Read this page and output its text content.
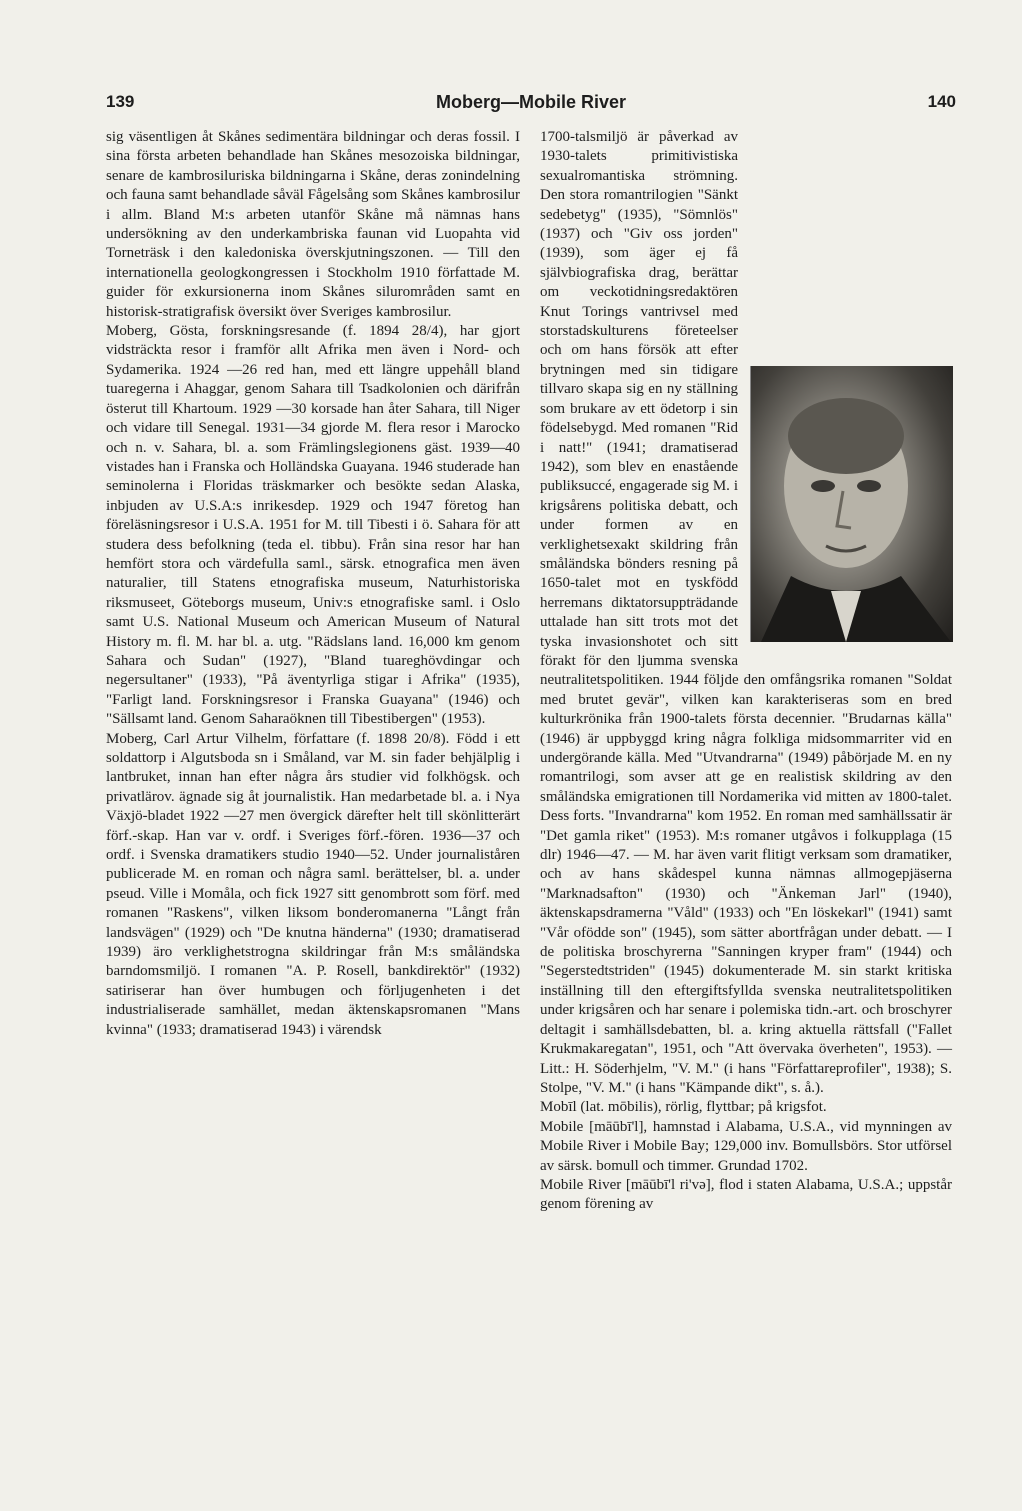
139	Moberg—Mobile River	140

sig väsentligen åt Skånes sedimentära bildningar och deras fossil. I sina första arbeten behandlade han Skånes mesozoiska bildningar, senare de kambrosiluriska bildningarna i Skåne, deras zonindelning och fauna samt behandlade såväl Fågelsång som Skånes kambrosilur i allm. Bland M:s arbeten utanför Skåne må nämnas hans undersökning av den underkambriska faunan vid Luopahta vid Torneträsk i den kaledoniska överskjutningszonen. — Till den internationella geologkongressen i Stockholm 1910 författade M. guider för exkursionerna inom Skånes silurområden samt en historisk-stratigrafisk översikt över Sveriges kambrosilur.

Moberg, Gösta, forskningsresande (f. 1894 28/4), har gjort vidsträckta resor i framför allt Afrika men även i Nord- och Sydamerika. 1924 —26 red han, med ett längre uppehåll bland tuaregerna i Ahaggar, genom Sahara till Tsadkolonien och därifrån österut till Khartoum. 1929 —30 korsade han åter Sahara, till Niger och vidare till Senegal. 1931—34 gjorde M. flera resor i Marocko och n. v. Sahara, bl. a. som Främlingslegionens gäst. 1939—40 vistades han i Franska och Holländska Guayana. 1946 studerade han seminolerna i Floridas träskmarker och besökte sedan Alaska, inbjuden av U.S.A:s inrikesdep. 1929 och 1947 företog han föreläsningsresor i U.S.A. 1951 for M. till Tibesti i ö. Sahara för att studera dess befolkning (teda el. tibbu). Från sina resor har han hemfört stora och värdefulla saml., särsk. etnografica men även naturalier, till Statens etnografiska museum, Naturhistoriska riksmuseet, Göteborgs museum, Univ:s etnografiske saml. i Oslo samt U.S. National Museum och American Museum of Natural History m. fl. M. har bl. a. utg. "Rädslans land. 16,000 km genom Sahara och Sudan" (1927), "Bland tuareghövdingar och negersultaner" (1933), "På äventyrliga stigar i Afrika" (1935), "Farligt land. Forskningsresor i Franska Guayana" (1946) och "Sällsamt land. Genom Saharaöknen till Tibestibergen" (1953).

Moberg, Carl Artur Vilhelm, författare (f. 1898 20/8). Född i ett soldattorp i Algutsboda sn i Småland, var M. sin fader behjälplig i lantbruket, innan han efter några års studier vid folkhögsk. och privatlärov. ägnade sig åt journalistik. Han medarbetade bl. a. i Nya Växjö-bladet 1922 —27 men övergick därefter helt till skönlitterärt förf.-skap. Han var v. ordf. i Sveriges förf.-fören. 1936—37 och ordf. i Svenska dramatikers studio 1940—52. Under journaliståren publicerade M. en roman och några saml. berättelser, bl. a. under pseud. Ville i Momåla, och fick 1927 sitt genombrott som förf. med romanen "Raskens", vilken liksom bonderomanerna "Långt från landsvägen" (1929) och "De knutna händerna" (1930; dramatiserad 1939) äro verklighetstrogna skildringar från M:s småländska barndomsmiljö. I romanen "A. P. Rosell, bankdirektör" (1932) satiriserar han över humbugen och förljugenheten i det industrialiserade samhället, medan äktenskapsromanen "Mans kvinna" (1933; dramatiserad 1943) i värendsk

1700-talsmiljö är påverkad av 1930-talets primitivistiska sexualromantiska strömning. Den stora romantrilogien "Sänkt sedebetyg" (1935), "Sömnlös" (1937) och "Giv oss jorden" (1939), som äger ej få självbiografiska drag, berättar om veckotidningsredaktören Knut Torings vantrivsel med storstadskulturens företeelser och om hans försök att efter brytningen med sin tidigare tillvaro skapa sig en ny ställning som brukare av ett ödetorp i sin födelsebygd. Med romanen "Rid i natt!" (1941; dramatiserad 1942), som blev en enastående publiksuccé, engagerade sig M. i krigsårens politiska debatt, och under formen av en verklighetsexakt skildring från småländska bönders resning på 1650-talet mot en tyskfödd herremans diktatorsuppträdande uttalade han sitt trots mot det tyska invasionshotet och sitt förakt för den ljumma svenska neutralitetspolitiken. 1944 följde den omfångsrika romanen "Soldat med brutet gevär", vilken kan karakteriseras som en bred kulturkrönika från 1900-talets första decennier. "Brudarnas källa" (1946) är uppbyggd kring några folkliga midsommarriter vid en undergörande källa. Med "Utvandrarna" (1949) påbörjade M. en ny romantrilogi, som avser att ge en realistisk skildring av den småländska emigrationen till Nordamerika vid mitten av 1800-talet. Dess forts. "Invandrarna" kom 1952. En roman med samhällssatir är "Det gamla riket" (1953). M:s romaner utgåvos i folkupplaga (15 dlr) 1946—47. — M. har även varit flitigt verksam som dramatiker, och av hans skådespel kunna nämnas allmogepjäserna "Marknadsafton" (1930) och "Änkeman Jarl" (1940), äktenskapsdramerna "Våld" (1933) och "En löskekarl" (1941) samt "Vår ofödde son" (1945), som sätter abortfrågan under debatt. — I de politiska broschyrerna "Sanningen kryper fram" (1944) och "Segerstedtstriden" (1945) dokumenterade M. sin starkt kritiska inställning till den eftergiftsfyllda svenska neutralitetspolitiken under krigsåren och har senare i polemiska tidn.-art. och broschyrer deltagit i samhällsdebatten, bl. a. kring aktuella rättsfall ("Fallet Krukmakaregatan", 1951, och "Att övervaka överheten", 1953). — Litt.: H. Söderhjelm, "V. M." (i hans "Författareprofiler", 1938); S. Stolpe, "V. M." (i hans "Kämpande dikt", s. å.).

Mobīl (lat. mōbilis), rörlig, flyttbar; på krigsfot.

Mobile [māūbī'l], hamnstad i Alabama, U.S.A., vid mynningen av Mobile River i Mobile Bay; 129,000 inv. Bomullsbörs. Stor utförsel av särsk. bomull och timmer. Grundad 1702.

Mobile River [māūbī'l ri'və], flod i staten Alabama, U.S.A.; uppstår genom förening av
